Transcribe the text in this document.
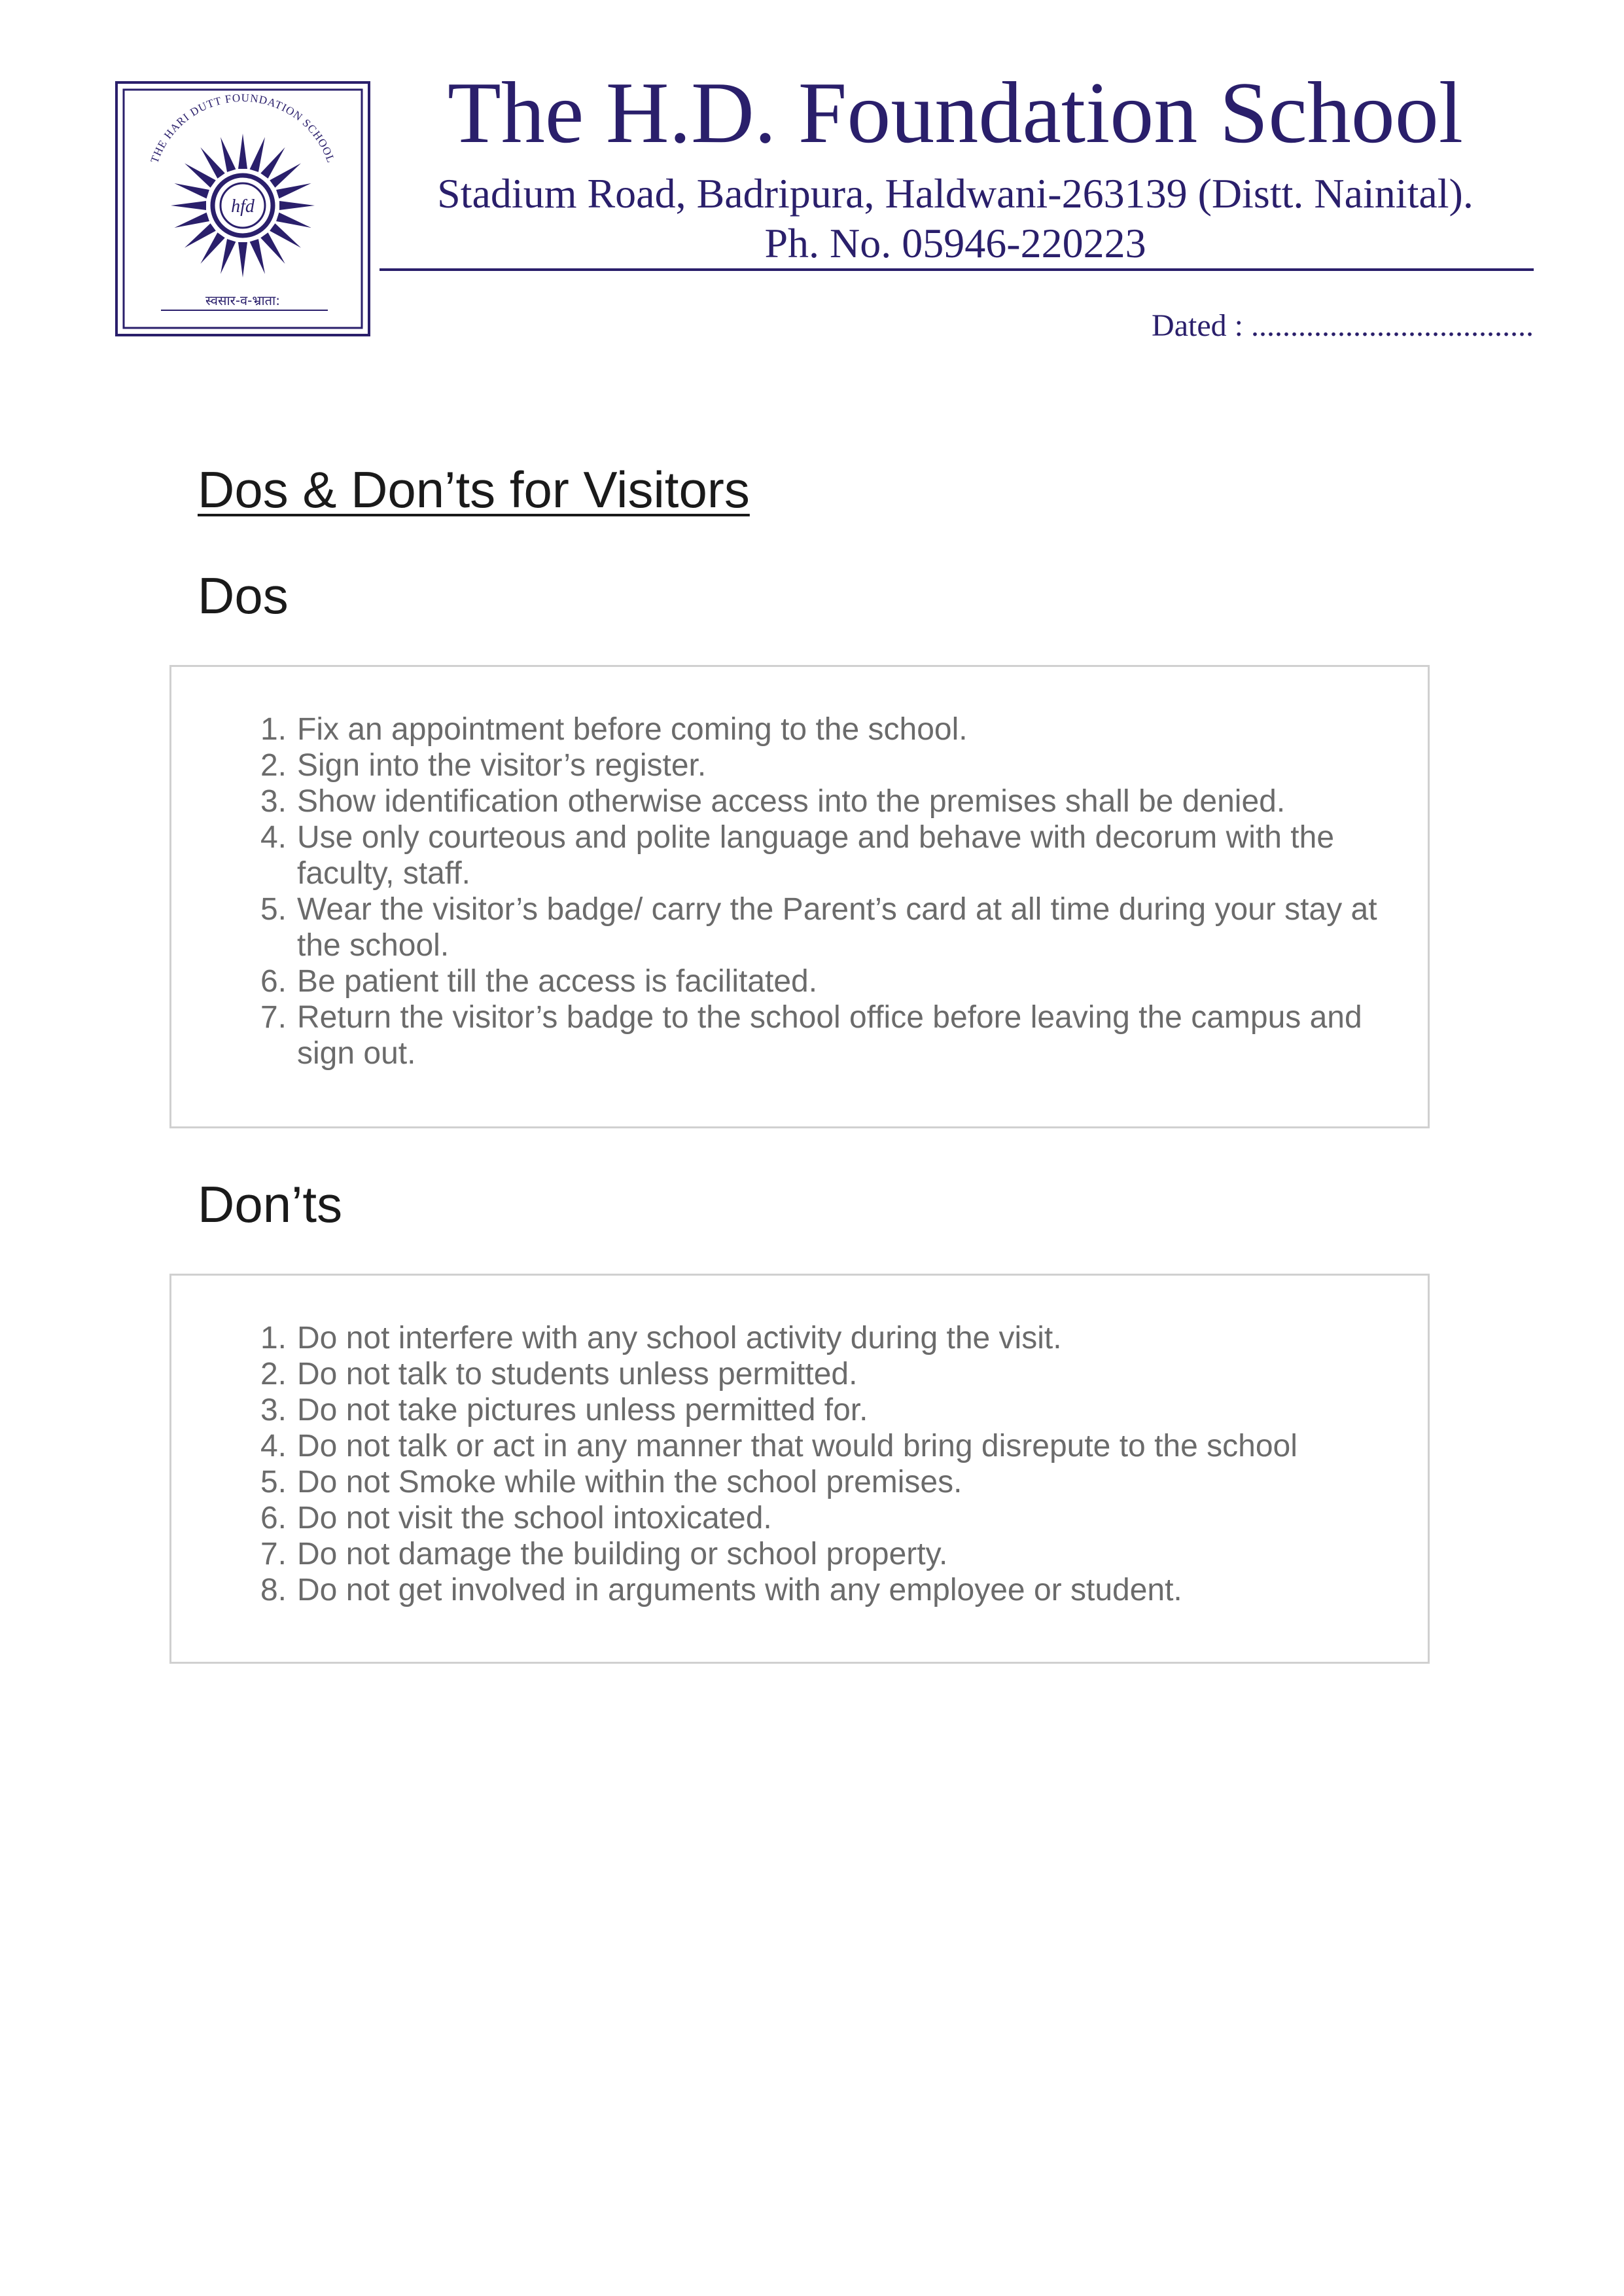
hfd
THE HARI DUTT FOUNDATION SCHOOL
स्वसार-व-भ्राता:
The H.D. Foundation School
Stadium Road, Badripura, Haldwani-263139 (Distt. Nainital).
Ph. No. 05946-220223
Dated : ....................................
Dos & Don’ts for Visitors
Dos
1. Fix an appointment before coming to the school.
2. Sign into the visitor’s register.
3. Show identification otherwise access into the premises shall be denied.
4. Use only courteous and polite language and behave with decorum with the faculty, staff.
5. Wear the visitor’s badge/ carry the Parent’s card at all time during your stay at the school.
6. Be patient till the access is facilitated.
7. Return the visitor’s badge to the school office before leaving the campus and sign out.
Don’ts
1. Do not interfere with any school activity during the visit.
2. Do not talk to students unless permitted.
3. Do not take pictures unless permitted for.
4. Do not talk or act in any manner that would bring disrepute to the school
5. Do not Smoke while within the school premises.
6. Do not visit the school intoxicated.
7. Do not damage the building or school property.
8. Do not get involved in arguments with any employee or student.
